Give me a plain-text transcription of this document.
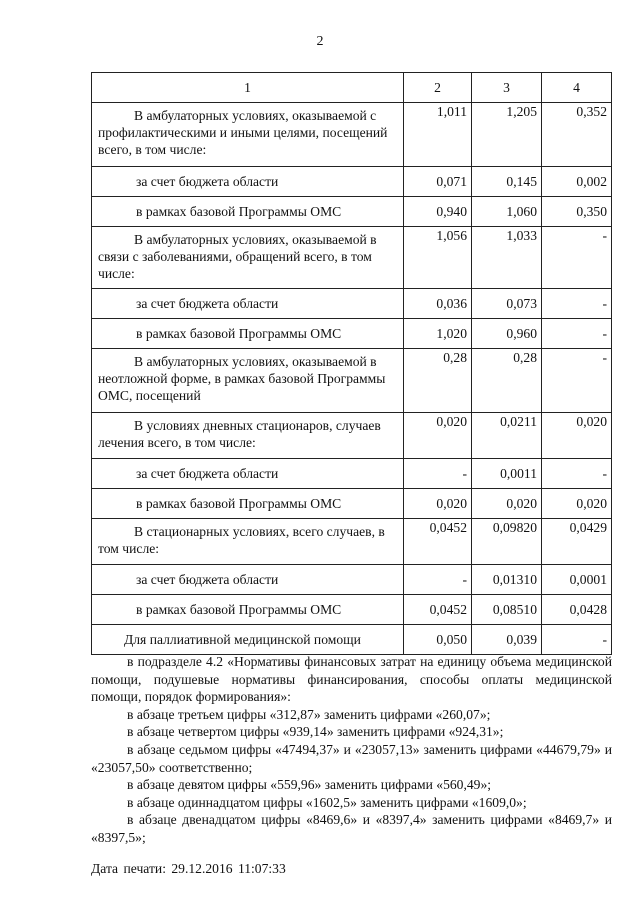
2
1	2	3	4
В амбулаторных условиях, оказываемой с профилактическими и иными целями, посещений всего, в том числе:	1,011	1,205	0,352
за счет бюджета области	0,071	0,145	0,002
в рамках базовой Программы ОМС	0,940	1,060	0,350
В амбулаторных условиях, оказываемой в связи с заболеваниями, обращений всего, в том числе:	1,056	1,033	-
за счет бюджета области	0,036	0,073	-
в рамках базовой Программы ОМС	1,020	0,960	-
В амбулаторных условиях, оказываемой в неотложной форме, в рамках базовой Программы ОМС, посещений	0,28	0,28	-
В условиях дневных стационаров, случаев лечения всего, в том числе:	0,020	0,0211	0,020
за счет бюджета области	-	0,0011	-
в рамках базовой Программы ОМС	0,020	0,020	0,020
В стационарных условиях, всего случаев, в том числе:	0,0452	0,09820	0,0429
за счет бюджета области	-	0,01310	0,0001
в рамках базовой Программы ОМС	0,0452	0,08510	0,0428
Для паллиативной медицинской помощи	0,050	0,039	-

в подразделе 4.2 «Нормативы финансовых затрат на единицу объема медицинской помощи, подушевые нормативы финансирования, способы оплаты медицинской помощи, порядок формирования»:

в абзаце третьем цифры «312,87» заменить цифрами «260,07»;

в абзаце четвертом цифры «939,14» заменить цифрами «924,31»;

в абзаце седьмом цифры «47494,37» и «23057,13» заменить цифрами «44679,79» и «23057,50» соответственно;

в абзаце девятом цифры «559,96» заменить цифрами «560,49»;

в абзаце одиннадцатом цифры «1602,5» заменить цифрами «1609,0»;

в абзаце двенадцатом цифры «8469,6» и «8397,4» заменить цифрами «8469,7» и «8397,5»;

Дата печати: 29.12.2016 11:07:33
